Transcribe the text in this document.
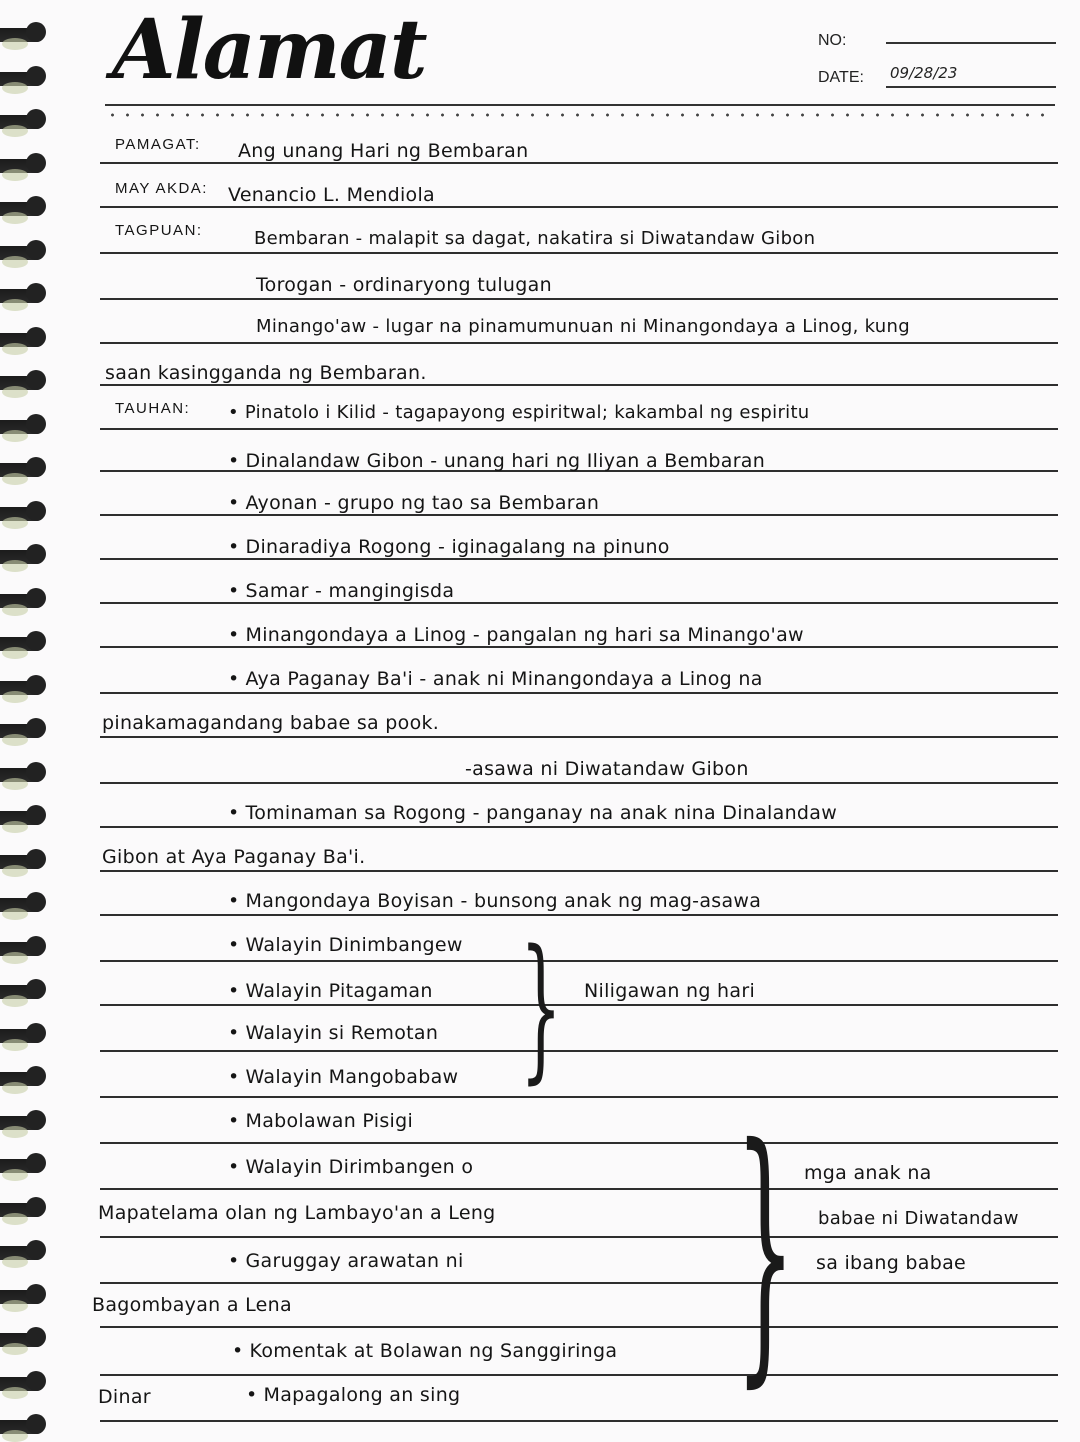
Alamat	NO:
DATE: 09/28/23
PAMAGAT: Ang unang Hari ng Bembaran
MAY AKDA: Venancio L. Mendiola
TAGPUAN:	Bembaran - malapit sa dagat, nakatira si Diwatandaw Gibon
Torogan - ordinaryong tulugan
Minango'aw - lugar na pinamumunuan ni Minangondaya a Linog, kung
saan kasingganda ng Bembaran.
TAUHAN:	• Pinatolo i Kilid - tagapayong espiritwal; kakambal ng espiritu
• Dinalandaw Gibon - unang hari ng Iliyan a Bembaran
• Ayonan - grupo ng tao sa Bembaran
• Dinaradiya Rogong - iginagalang na pinuno
• Samar - mangingisda
• Minangondaya a Linog - pangalan ng hari sa Minango'aw
• Aya Paganay Ba'i - anak ni Minangondaya a Linog na
pinakamagandang babae sa pook.
-asawa ni Diwatandaw Gibon
• Tominaman sa Rogong - panganay na anak nina Dinalandaw
Gibon at Aya Paganay Ba'i.
• Mangondaya Boyisan - bunsong anak ng mag-asawa
• Walayin Dinimbangew
• Walayin Pitagaman
• Walayin si Remotan
• Walayin Mangobabaw
• Mabolawan Pisigi
• Walayin Dirimbangen o
Mapatelama olan ng Lambayo'an a Leng
• Garuggay arawatan ni
Bagombayan a Lena
• Komentak at Bolawan ng Sanggiringa
Dinar	• Mapagalong an sing
} Niligawan ng hari
} mga anak na
babae ni Diwatandaw
sa ibang babae
